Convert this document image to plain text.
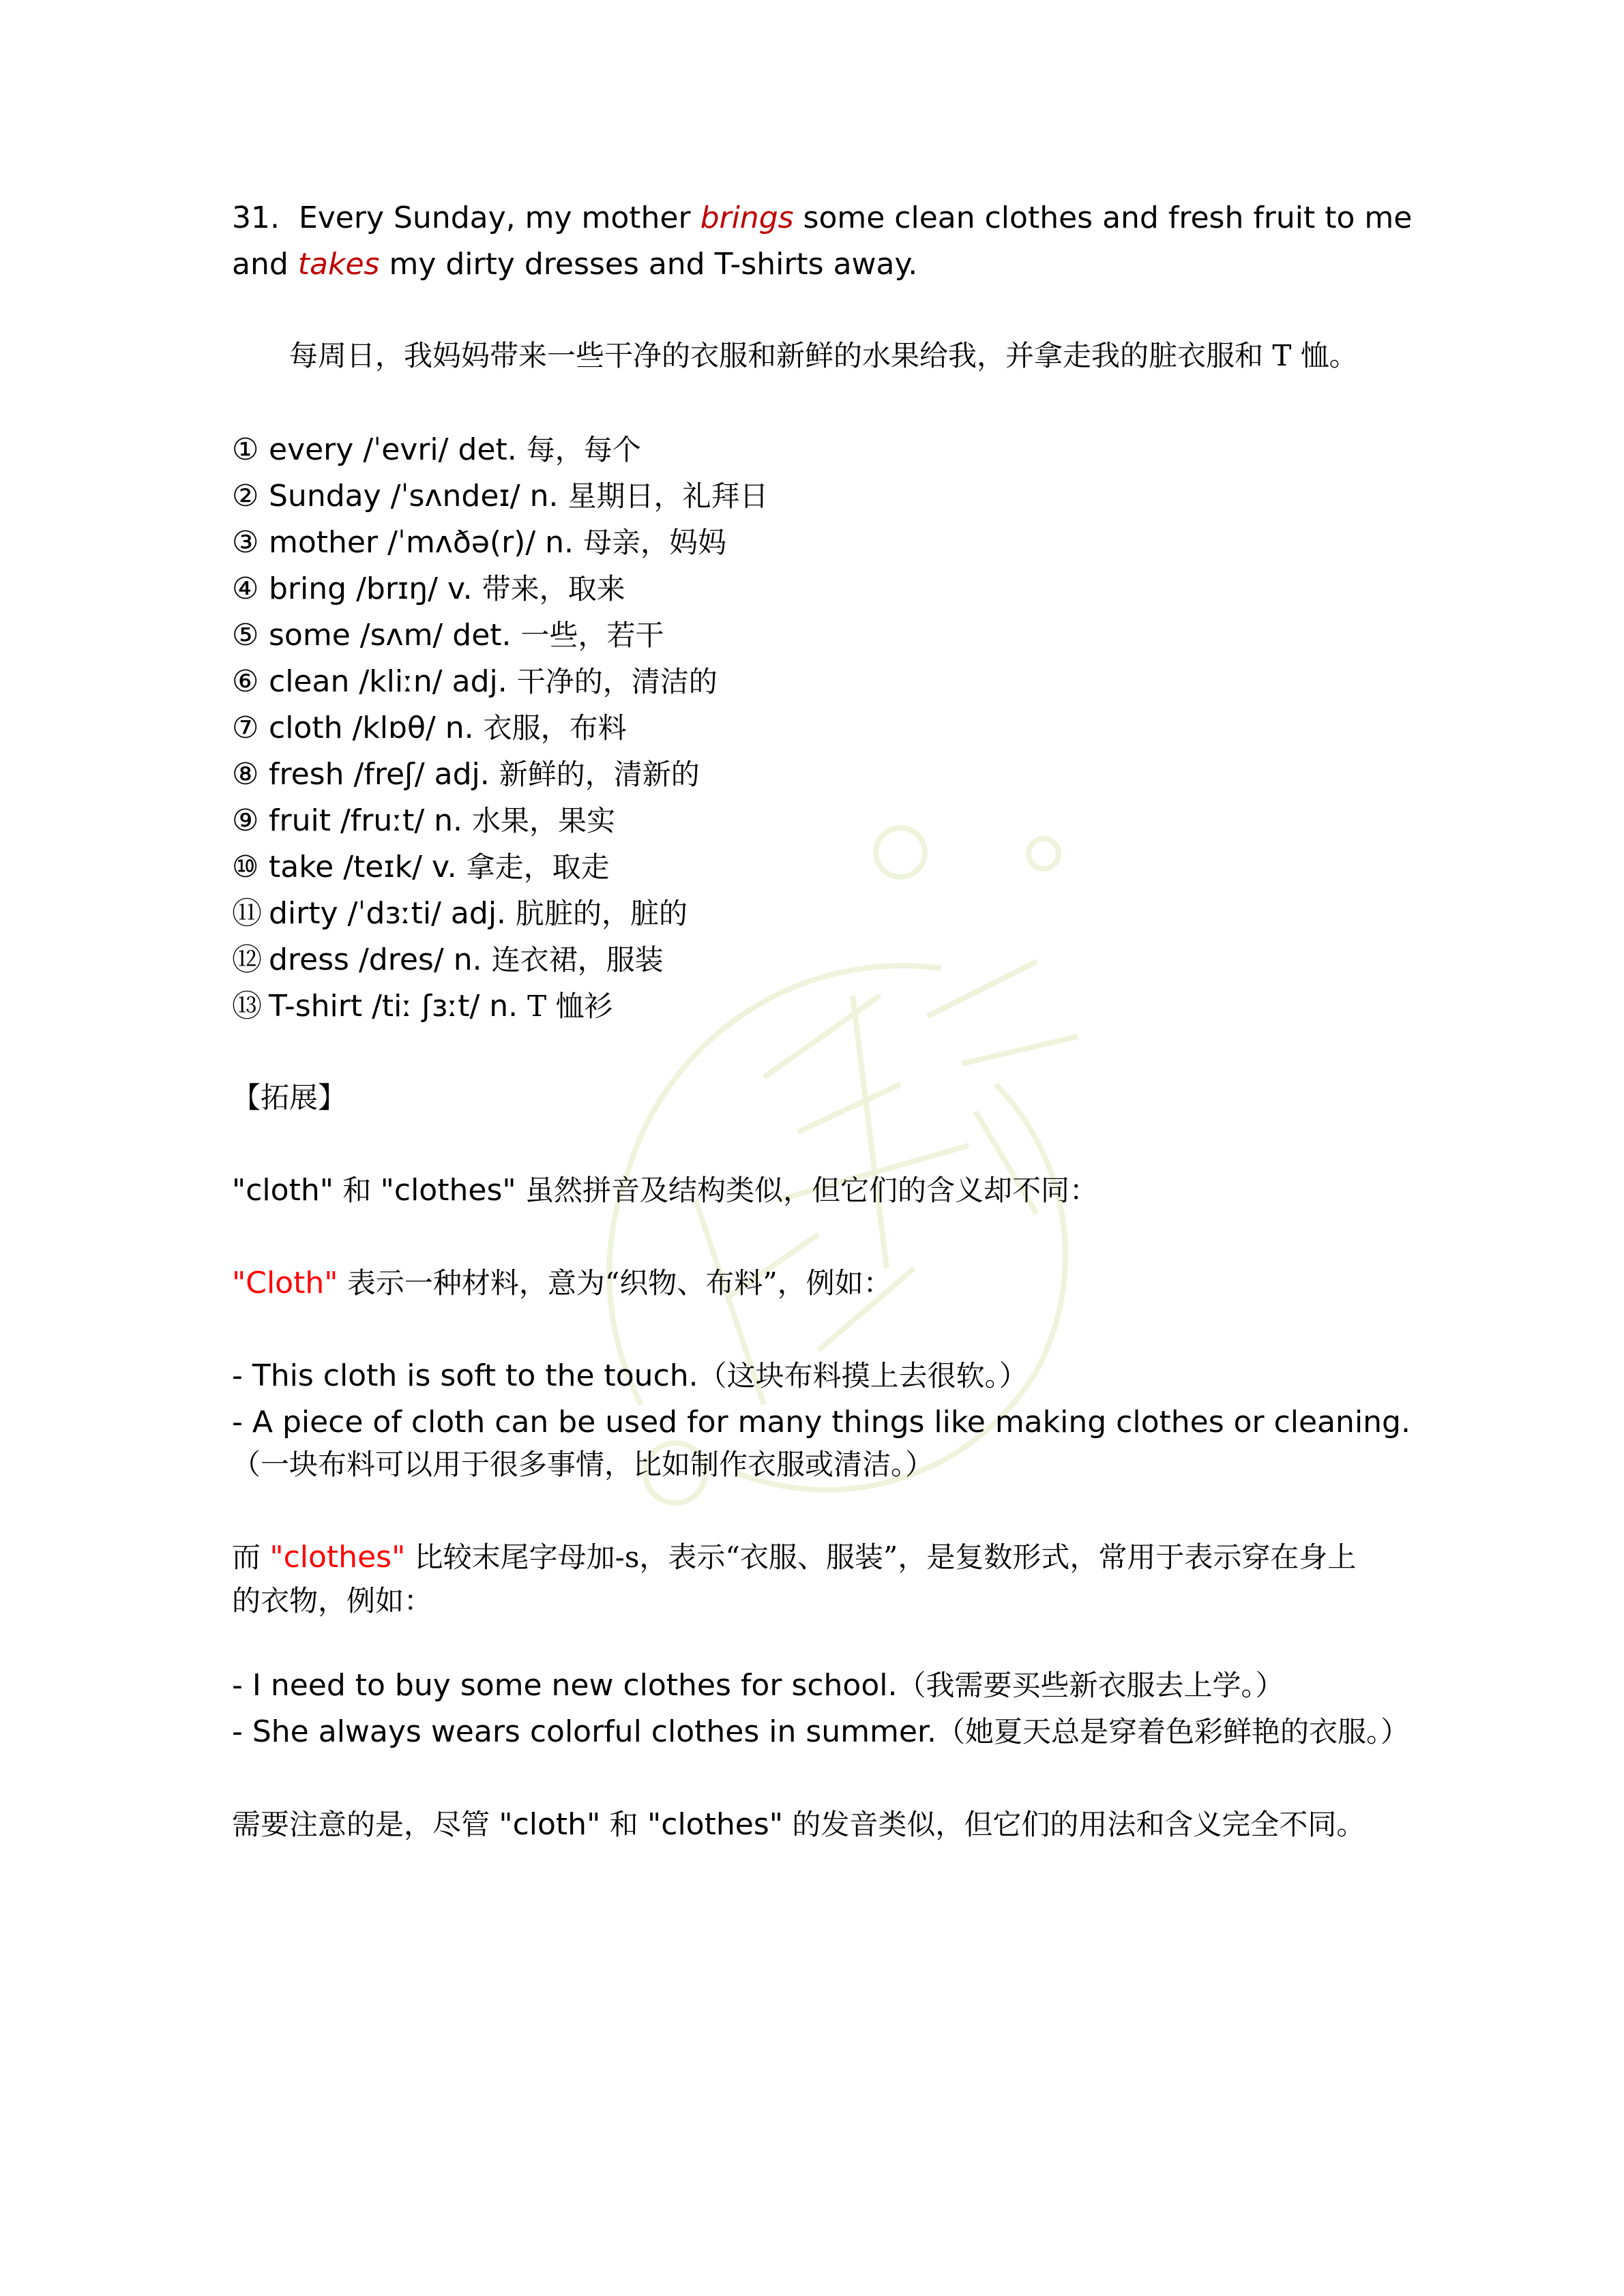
31. Every Sunday, my mother brings some clean clothes and fresh fruit to me
and takes my dirty dresses and T-shirts away.
每周日，我妈妈带来一些干净的衣服和新鲜的水果给我，并拿走我的脏衣服和 T 恤。
① every /ˈevri/ det. 每，每个
② Sunday /ˈsʌndeɪ/ n. 星期日，礼拜日
③ mother /ˈmʌðə(r)/ n. 母亲，妈妈
④ bring /brɪŋ/ v. 带来，取来
⑤ some /sʌm/ det. 一些，若干
⑥ clean /kliːn/ adj. 干净的，清洁的
⑦ cloth /klɒθ/ n. 衣服，布料
⑧ fresh /freʃ/ adj. 新鲜的，清新的
⑨ fruit /fruːt/ n. 水果，果实
⑩ take /teɪk/ v. 拿走，取走
⑪ dirty /ˈdɜːti/ adj. 肮脏的，脏的
⑫ dress /dres/ n. 连衣裙，服装
⑬ T-shirt /tiː ʃɜːt/ n. T 恤衫
【拓展】
"cloth" 和 "clothes" 虽然拼音及结构类似，但它们的含义却不同：
"Cloth" 表示一种材料，意为“织物、布料”，例如：
- This cloth is soft to the touch.（这块布料摸上去很软。）
- A piece of cloth can be used for many things like making clothes or cleaning.
（一块布料可以用于很多事情，比如制作衣服或清洁。）
而 "clothes" 比较末尾字母加-s，表示“衣服、服装”，是复数形式，常用于表示穿在身上
的衣物，例如：
- I need to buy some new clothes for school.（我需要买些新衣服去上学。）
- She always wears colorful clothes in summer.（她夏天总是穿着色彩鲜艳的衣服。）
需要注意的是，尽管 "cloth" 和 "clothes" 的发音类似，但它们的用法和含义完全不同。
